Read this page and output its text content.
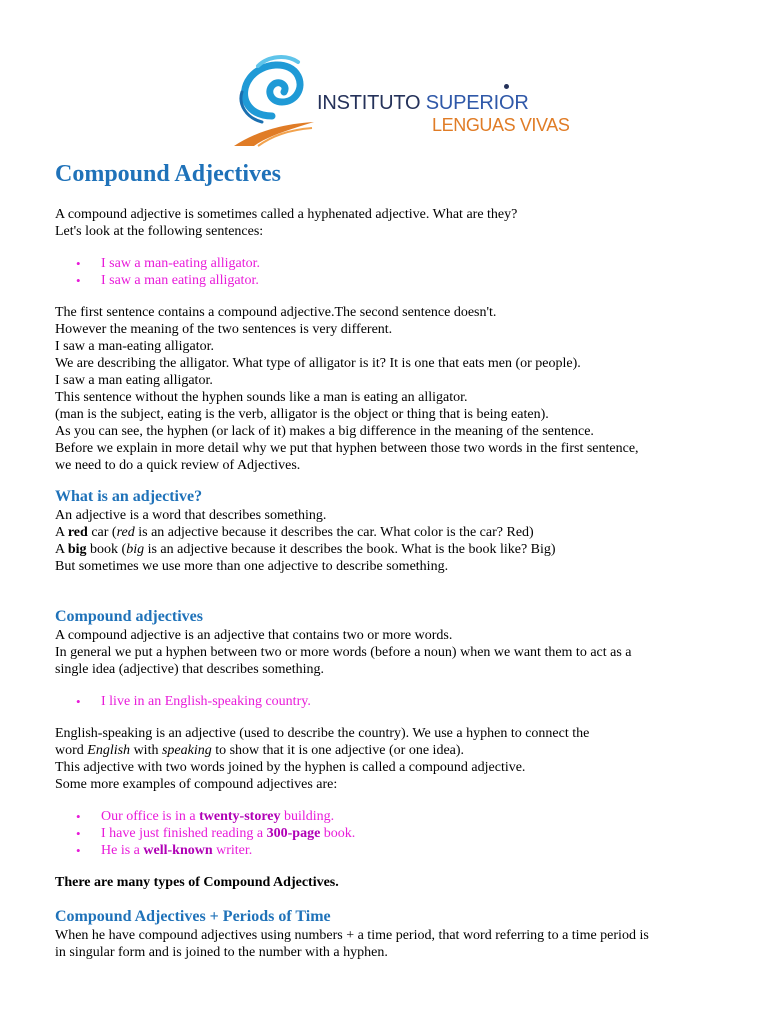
INSTITUTO SUPERIOR
LENGUAS VIVAS
Compound Adjectives
A compound adjective is sometimes called a hyphenated adjective. What are they?
Let's look at the following sentences:
• I saw a man-eating alligator.
• I saw a man eating alligator.
The first sentence contains a compound adjective.The second sentence doesn't.
However the meaning of the two sentences is very different.
I saw a man-eating alligator.
We are describing the alligator. What type of alligator is it? It is one that eats men (or people).
I saw a man eating alligator.
This sentence without the hyphen sounds like a man is eating an alligator.
(man is the subject, eating is the verb, alligator is the object or thing that is being eaten).
As you can see, the hyphen (or lack of it) makes a big difference in the meaning of the sentence.
Before we explain in more detail why we put that hyphen between those two words in the first sentence,
we need to do a quick review of Adjectives.
What is an adjective?
An adjective is a word that describes something.
A red car (red is an adjective because it describes the car. What color is the car? Red)
A big book (big is an adjective because it describes the book. What is the book like? Big)
But sometimes we use more than one adjective to describe something.
Compound adjectives
A compound adjective is an adjective that contains two or more words.
In general we put a hyphen between two or more words (before a noun) when we want them to act as a
single idea (adjective) that describes something.
• I live in an English-speaking country.
English-speaking is an adjective (used to describe the country). We use a hyphen to connect the
word English with speaking to show that it is one adjective (or one idea).
This adjective with two words joined by the hyphen is called a compound adjective.
Some more examples of compound adjectives are:
• Our office is in a twenty-storey building.
• I have just finished reading a 300-page book.
• He is a well-known writer.

There are many types of Compound Adjectives.

Compound Adjectives + Periods of Time
When he have compound adjectives using numbers + a time period, that word referring to a time period is
in singular form and is joined to the number with a hyphen.
